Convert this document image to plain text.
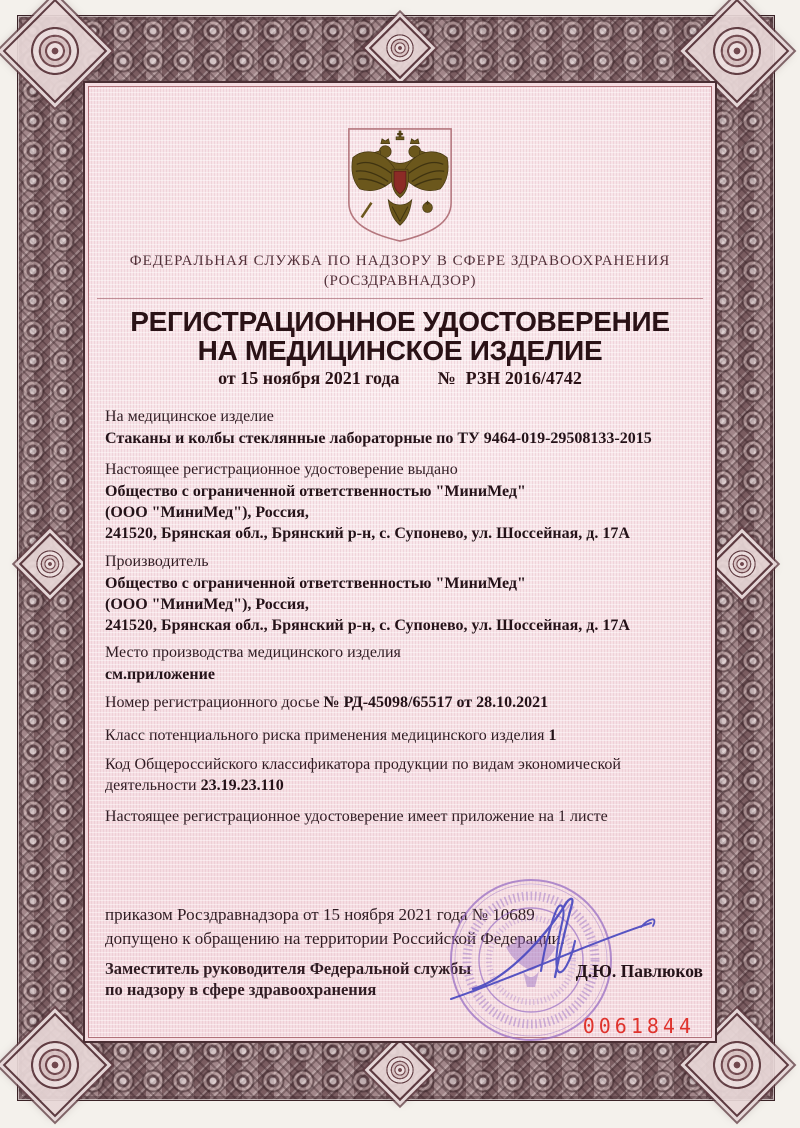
ФЕДЕРАЛЬНАЯ СЛУЖБА ПО НАДЗОРУ В СФЕРЕ ЗДРАВООХРАНЕНИЯ

(РОСЗДРАВНАДЗОР)

РЕГИСТРАЦИОННОЕ УДОСТОВЕРЕНИЕ

НА МЕДИЦИНСКОЕ ИЗДЕЛИЕ

от 15 ноября 2021 года № РЗН 2016/4742

На медицинское изделие

Стаканы и колбы стеклянные лабораторные по ТУ 9464-019-29508133-2015

Настоящее регистрационное удостоверение выдано

Общество с ограниченной ответственностью "МиниМед"

(ООО "МиниМед"), Россия,

241520, Брянская обл., Брянский р-н, с. Супонево, ул. Шоссейная, д. 17А

Производитель

Общество с ограниченной ответственностью "МиниМед"

(ООО "МиниМед"), Россия,

241520, Брянская обл., Брянский р-н, с. Супонево, ул. Шоссейная, д. 17А

Место производства медицинского изделия

см.приложение

Номер регистрационного досье № РД-45098/65517 от 28.10.2021

Класс потенциального риска применения медицинского изделия 1

Код Общероссийского классификатора продукции по видам экономической деятельности 23.19.23.110

Настоящее регистрационное удостоверение имеет приложение на 1 листе

приказом Росздравнадзора от 15 ноября 2021 года № 10689
допущено к обращению на территории Российской Федерации.
Заместитель руководителя Федеральной службы
по надзору в сфере здравоохранения
Д.Ю. Павлюков
0061844
